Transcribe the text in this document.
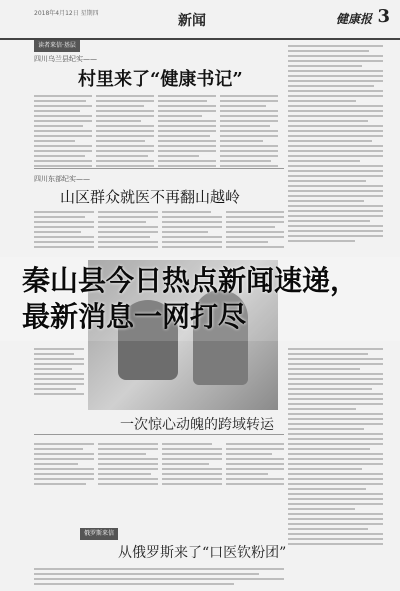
2018年4月12日 星期四	新闻	健康报 3
读者来信·基层
四川乌兰县纪实——
村里来了“健康书记”
四川东部纪实——
山区群众就医不再翻山越岭
秦山县今日热点新闻速递，最新消息一网打尽
一次惊心动魄的跨域转运
俄罗斯来信
从俄罗斯来了“口医钦粉团”
